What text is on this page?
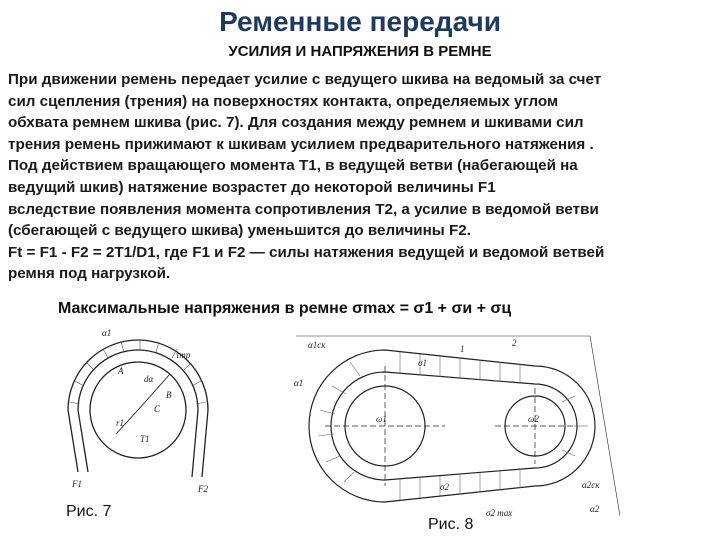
Ременные передачи
УСИЛИЯ И НАПРЯЖЕНИЯ В РЕМНЕ
При движении ремень передает усилие с ведущего шкива на ведомый за счет
сил сцепления (трения) на поверхностях контакта, определяемых углом
обхвата ремнем шкива (рис. 7). Для создания между ремнем и шкивами сил
трения ремень прижимают к шкивам усилием предварительного натяжения .
Под действием вращающего момента T1, в ведущей ветви (набегающей на
ведущий шкив) натяжение возрастет до некоторой величины F1
вследствие появления момента сопротивления T2, а усилие в ведомой ветви
(сбегающей с ведущего шкива) уменьшится до величины F2.
Ft = F1 - F2 = 2T1/D1, где F1 и F2 — силы натяжения ведущей и ведомой ветвей
ремня под нагрузкой.
Максимальные напряжения в ремне σmax = σ1 + σи + σц
α1
τтр
dα
A
B
C
r1
T1
F1	F2
Рис. 7
α1ск
σ1
1
2
ω1	ω2
σ2
σ2 max
α1
α2ск
α2
Рис. 8
